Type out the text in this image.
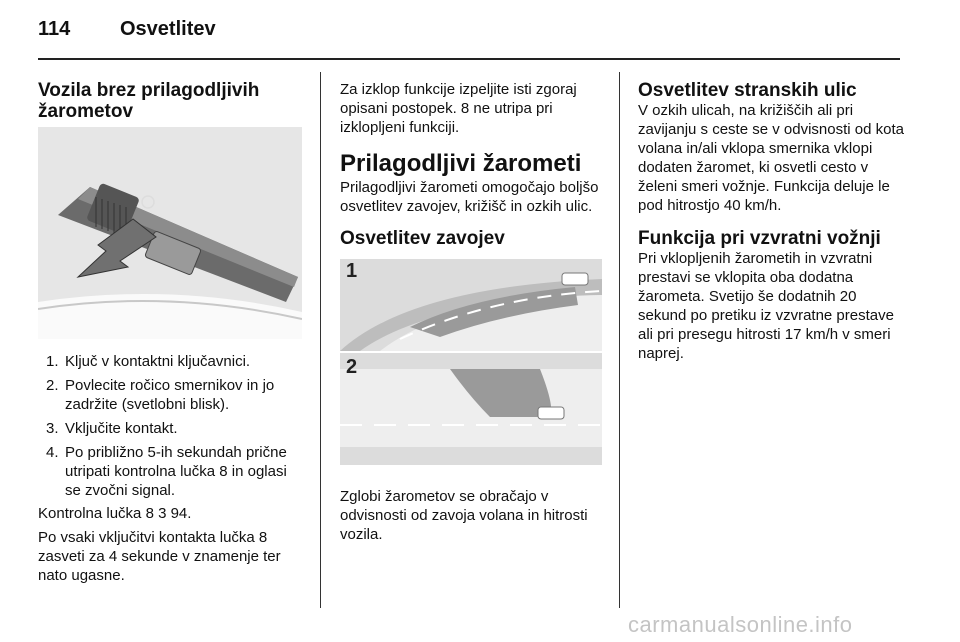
114 Osvetlitev
Vozila brez prilagodljivih žarometov
1. Ključ v kontaktni ključavnici.
2. Povlecite ročico smernikov in jo zadržite (svetlobni blisk).
3. Vključite kontakt.
4. Po približno 5-ih sekundah prične utripati kontrolna lučka 8 in oglasi se zvočni signal.

Kontrolna lučka 8 3 94.

Po vsaki vključitvi kontakta lučka 8 zasveti za 4 sekunde v znamenje ter nato ugasne.

Za izklop funkcije izpeljite isti zgoraj opisani postopek. 8 ne utripa pri izklopljeni funkciji.

Prilagodljivi žarometi

Prilagodljivi žarometi omogočajo boljšo osvetlitev zavojev, križišč in ozkih ulic.

Osvetlitev zavojev
1
2

Zglobi žarometov se obračajo v odvisnosti od zavoja volana in hitrosti vozila.

Osvetlitev stranskih ulic

V ozkih ulicah, na križiščih ali pri zavijanju s ceste se v odvisnosti od kota volana in/ali vklopa smernika vklopi dodaten žaromet, ki osvetli cesto v želeni smeri vožnje. Funkcija deluje le pod hitrostjo 40 km/h.

Funkcija pri vzvratni vožnji

Pri vklopljenih žarometih in vzvratni prestavi se vklopita oba dodatna žarometa. Svetijo še dodatnih 20 sekund po pretiku iz vzvratne prestave ali pri presegu hitrosti 17 km/h v smeri naprej.

carmanualsonline.info
